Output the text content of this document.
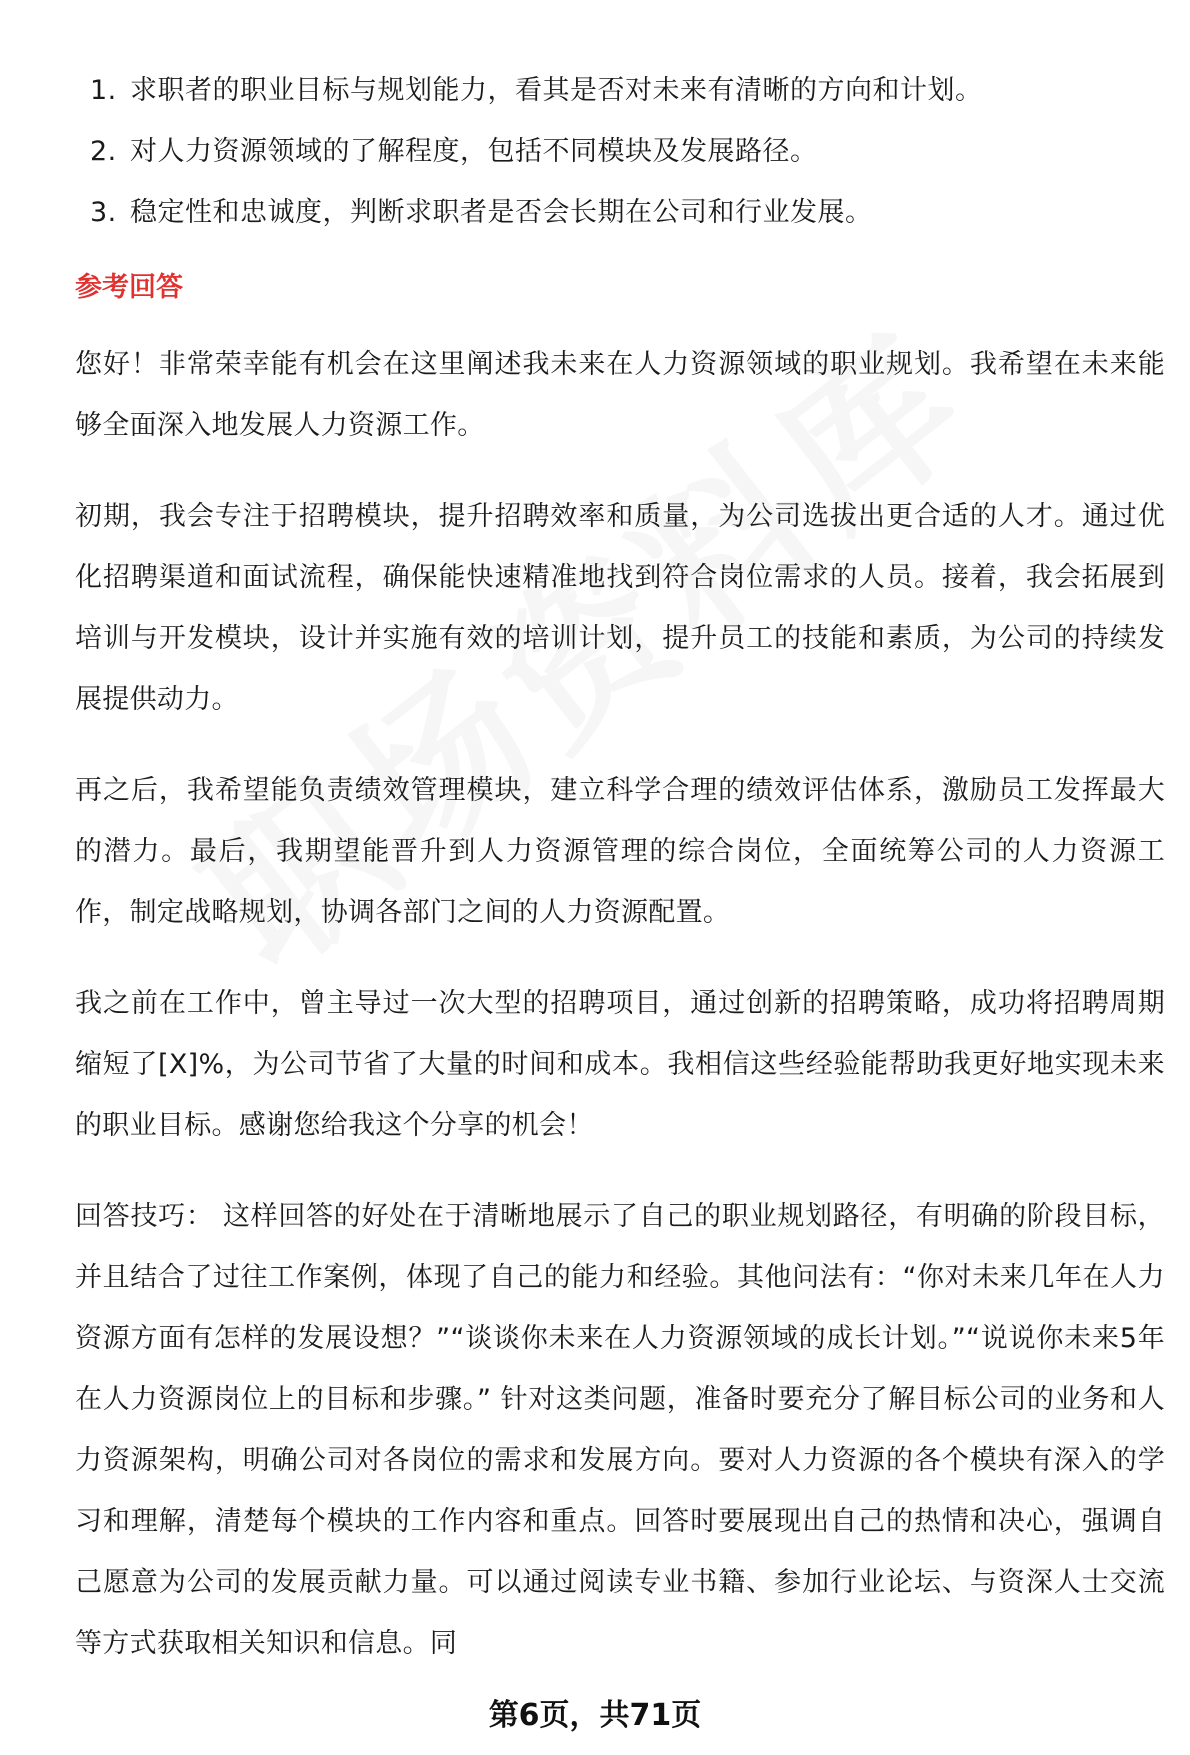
1. 求职者的职业目标与规划能力，看其是否对未来有清晰的方向和计划。
2. 对人力资源领域的了解程度，包括不同模块及发展路径。
3. 稳定性和忠诚度，判断求职者是否会长期在公司和行业发展。
参考回答

您好！非常荣幸能有机会在这里阐述我未来在人力资源领域的职业规划。我希望在未来能够全面深入地发展人力资源工作。

初期，我会专注于招聘模块，提升招聘效率和质量，为公司选拔出更合适的人才。通过优化招聘渠道和面试流程，确保能快速精准地找到符合岗位需求的人员。接着，我会拓展到培训与开发模块，设计并实施有效的培训计划，提升员工的技能和素质，为公司的持续发展提供动力。

再之后，我希望能负责绩效管理模块，建立科学合理的绩效评估体系，激励员工发挥最大的潜力。最后，我期望能晋升到人力资源管理的综合岗位，全面统筹公司的人力资源工作，制定战略规划，协调各部门之间的人力资源配置。

我之前在工作中，曾主导过一次大型的招聘项目，通过创新的招聘策略，成功将招聘周期缩短了[X]%，为公司节省了大量的时间和成本。我相信这些经验能帮助我更好地实现未来的职业目标。感谢您给我这个分享的机会！

回答技巧： 这样回答的好处在于清晰地展示了自己的职业规划路径，有明确的阶段目标，并且结合了过往工作案例，体现了自己的能力和经验。其他问法有：“你对未来几年在人力资源方面有怎样的发展设想？”“谈谈你未来在人力资源领域的成长计划。”“说说你未来5年在人力资源岗位上的目标和步骤。” 针对这类问题，准备时要充分了解目标公司的业务和人力资源架构，明确公司对各岗位的需求和发展方向。要对人力资源的各个模块有深入的学习和理解，清楚每个模块的工作内容和重点。回答时要展现出自己的热情和决心，强调自己愿意为公司的发展贡献力量。可以通过阅读专业书籍、参加行业论坛、与资深人士交流等方式获取相关知识和信息。同

第6页，共71页
